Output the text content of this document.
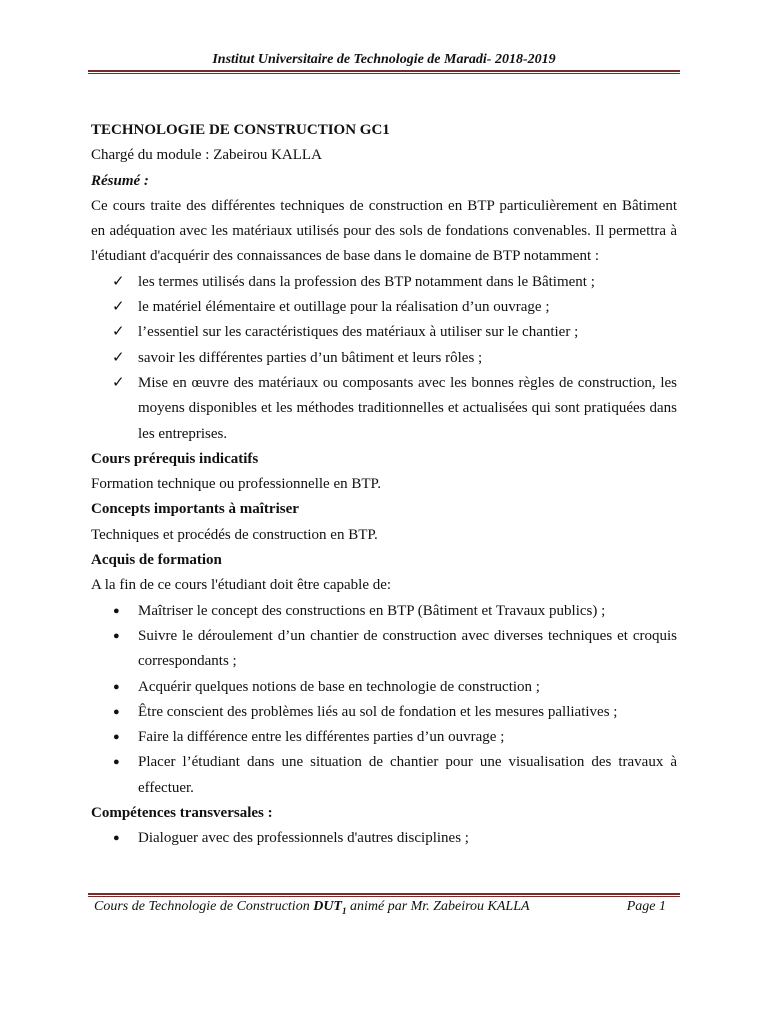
Institut Universitaire de Technologie de Maradi- 2018-2019

TECHNOLOGIE DE CONSTRUCTION GC1

Chargé du module : Zabeirou KALLA

Résumé :

Ce cours traite des différentes techniques de construction en BTP particulièrement en Bâtiment en adéquation avec les matériaux utilisés pour des sols de fondations convenables. Il permettra à l'étudiant d'acquérir des connaissances de base dans le domaine de BTP notamment :

✓ les termes utilisés dans la profession des BTP notamment dans le Bâtiment ;
✓ le matériel élémentaire et outillage pour la réalisation d’un ouvrage ;
✓ l’essentiel sur les caractéristiques des matériaux à utiliser sur le chantier ;
✓ savoir les différentes parties d’un bâtiment et leurs rôles ;
✓ Mise en œuvre des matériaux ou composants avec les bonnes règles de construction, les moyens disponibles et les méthodes traditionnelles et actualisées qui sont pratiquées dans les entreprises.

Cours prérequis indicatifs

Formation technique ou professionnelle en BTP.

Concepts importants à maîtriser

Techniques et procédés de construction en BTP.

Acquis de formation

A la fin de ce cours l'étudiant doit être capable de:

● Maîtriser le concept des constructions en BTP (Bâtiment et Travaux publics) ;
● Suivre le déroulement d’un chantier de construction avec diverses techniques et croquis correspondants ;
● Acquérir quelques notions de base en technologie de construction ;
● Être conscient des problèmes liés au sol de fondation et les mesures palliatives ;
● Faire la différence entre les différentes parties d’un ouvrage ;
● Placer l’étudiant dans une situation de chantier pour une visualisation des travaux à effectuer.

Compétences transversales :

● Dialoguer avec des professionnels d'autres disciplines ;
Cours de Technologie de Construction $DUT_1$ animé par Mr. Zabeirou KALLA	Page 1
